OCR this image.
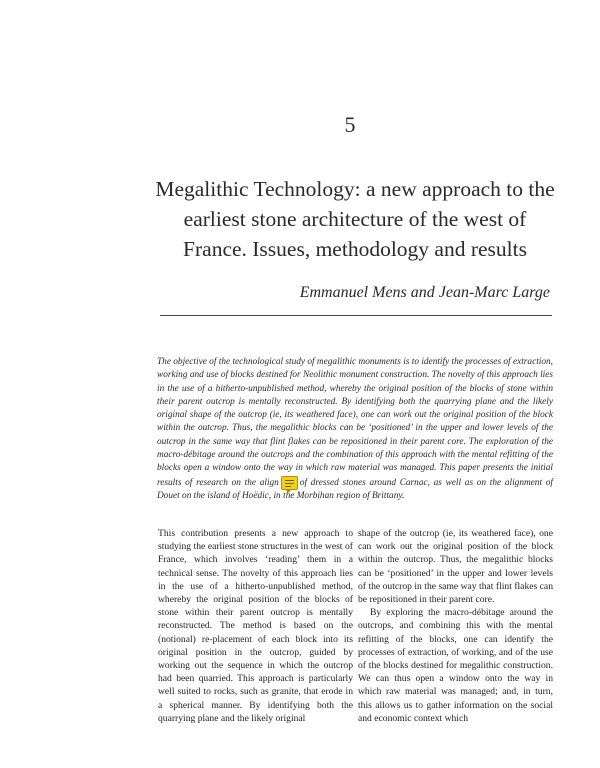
5
Megalithic Technology: a new approach to the earliest stone architecture of the west of France. Issues, methodology and results
Emmanuel Mens and Jean-Marc Large

The objective of the technological study of megalithic monuments is to identify the processes of extraction, working and use of blocks destined for Neolithic monument construction. The novelty of this approach lies in the use of a hitherto-unpublished method, whereby the original position of the blocks of stone within their parent outcrop is mentally reconstructed. By identifying both the quarrying plane and the likely original shape of the outcrop (ie, its weathered face), one can work out the original position of the block within the outcrop. Thus, the megalithic blocks can be ‘positioned’ in the upper and lower levels of the outcrop in the same way that flint flakes can be repositioned in their parent core. The exploration of the macro-débitage around the outcrops and the combination of this approach with the mental refitting of the blocks open a window onto the way in which raw material was managed. This paper presents the initial results of research on the align of dressed stones around Carnac, as well as on the alignment of Douet on the island of Hoëdic, in the Morbihan region of Brittany.

This contribution presents a new approach to studying the earliest stone structures in the west of France, which involves ‘reading’ them in a technical sense. The novelty of this approach lies in the use of a hitherto-unpublished method, whereby the original position of the blocks of stone within their parent outcrop is mentally reconstructed. The method is based on the (notional) re-placement of each block into its original position in the outcrop, guided by working out the sequence in which the outcrop had been quarried. This approach is particularly well suited to rocks, such as granite, that erode in a spherical manner. By identifying both the quarrying plane and the likely original

shape of the outcrop (ie, its weathered face), one can work out the original position of the block within the outcrop. Thus, the megalithic blocks can be ‘positioned’ in the upper and lower levels of the outcrop in the same way that flint flakes can be repositioned in their parent core.

By exploring the macro-débitage around the outcrops, and combining this with the mental refitting of the blocks, one can identify the processes of extraction, of working, and of the use of the blocks destined for megalithic construction. We can thus open a window onto the way in which raw material was managed; and, in turn, this allows us to gather information on the social and economic context which
